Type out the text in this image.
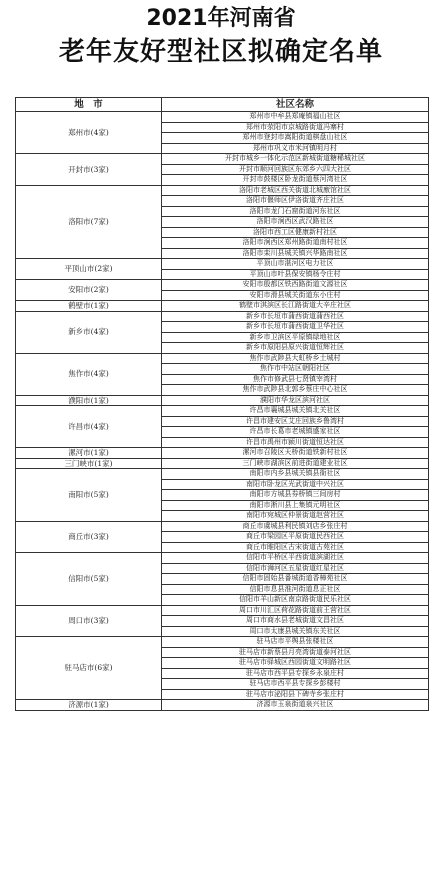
2021年河南省
老年友好型社区拟确定名单
地　市	社区名称
郑州市(4家)	郑州市中牟县郑庵镇福山社区
	郑州市荥阳市京城路街道冯寨村
	郑州市登封市嵩阳街道棋盘山社区
	郑州市巩义市米河镇明月村
开封市(3家)	开封市城乡一体化示范区新城街道糖稀城社区
	开封市顺河回族区东郊乡六四大社区
	开封市鼓楼区卧龙街道蔡河湾社区
洛阳市(7家)	洛阳市老城区西关街道北城廒馆社区
	洛阳市偃师区伊洛街道齐庄社区
	洛阳市龙门石窟街道河东社区
	洛阳市涧西区武汉路社区
	洛阳市西工区健康新村社区
	洛阳市涧西区郑州路街道南村社区
	洛阳市栾川县城关镇兴华路南社区
平顶山市(2家)	平顶山市湛河区电力社区
	平顶山市叶县保安镇杨令庄村
安阳市(2家)	安阳市殷都区铁西路街道文源社区
	安阳市滑县城关街道东小庄村
鹤壁市(1家)	鹤壁市淇滨区长江路街道大辛庄社区
新乡市(4家)	新乡市长垣市蒲西街道蒲西社区
	新乡市长垣市蒲西街道卫华社区
	新乡市卫滨区平原镇绿地社区
	新乡市原阳县原兴街道恒辉社区
焦作市(4家)	焦作市武陟县大虹桥乡土城村
	焦作市中站区朝阳社区
	焦作市修武县七贤镇宰湾村
	焦作市武陟县北郭乡蔡庄中心社区
濮阳市(1家)	濮阳市华龙区滨河社区
许昌市(4家)	许昌市襄城县城关镇北关社区
	许昌市建安区艾庄回族乡鲁湾村
	许昌市长葛市老城镇盛家社区
	许昌市禹州市颍川街道恒达社区
漯河市(1家)	漯河市召陵区天桥街道铁新村社区
三门峡市(1家)	三门峡市湖滨区前进街道建业社区
南阳市(5家)	南阳市内乡县城关镇县衙社区
	南阳市卧龙区光武街道中兴社区
	南阳市方城县券桥镇三间房村
	南阳市淅川县上集镇元明社区
	南阳市宛城区仲景街道赵营社区
商丘市(3家)	商丘市虞城县利民镇刘店乡张庄村
	商丘市梁园区平原街道民西社区
	商丘市睢阳区古宋街道古苑社区
信阳市(5家)	信阳市平桥区平西街道滨湖社区
	信阳市浉河区五星街道红星社区
	信阳市固始县番城街道香樟苑社区
	信阳市息县淮河街道息正社区
	信阳市羊山新区南京路街道民乐社区
周口市(3家)	周口市川汇区荷花路街道前王营社区
	周口市商水县老城街道文昌社区
	周口市太康县城关镇东关社区
驻马店市(6家)	驻马店市平舆县张楼社区
	驻马店市新蔡县月亮湾街道泰河社区
	驻马店市驿城区西园街道文明路社区
	驻马店市西平县专探乡永泉庄村
	驻马店市西平县专探乡彭楼村
	驻马店市泌阳县下碑寺乡张庄村
济源市(1家)	济源市玉泉街道泉兴社区
